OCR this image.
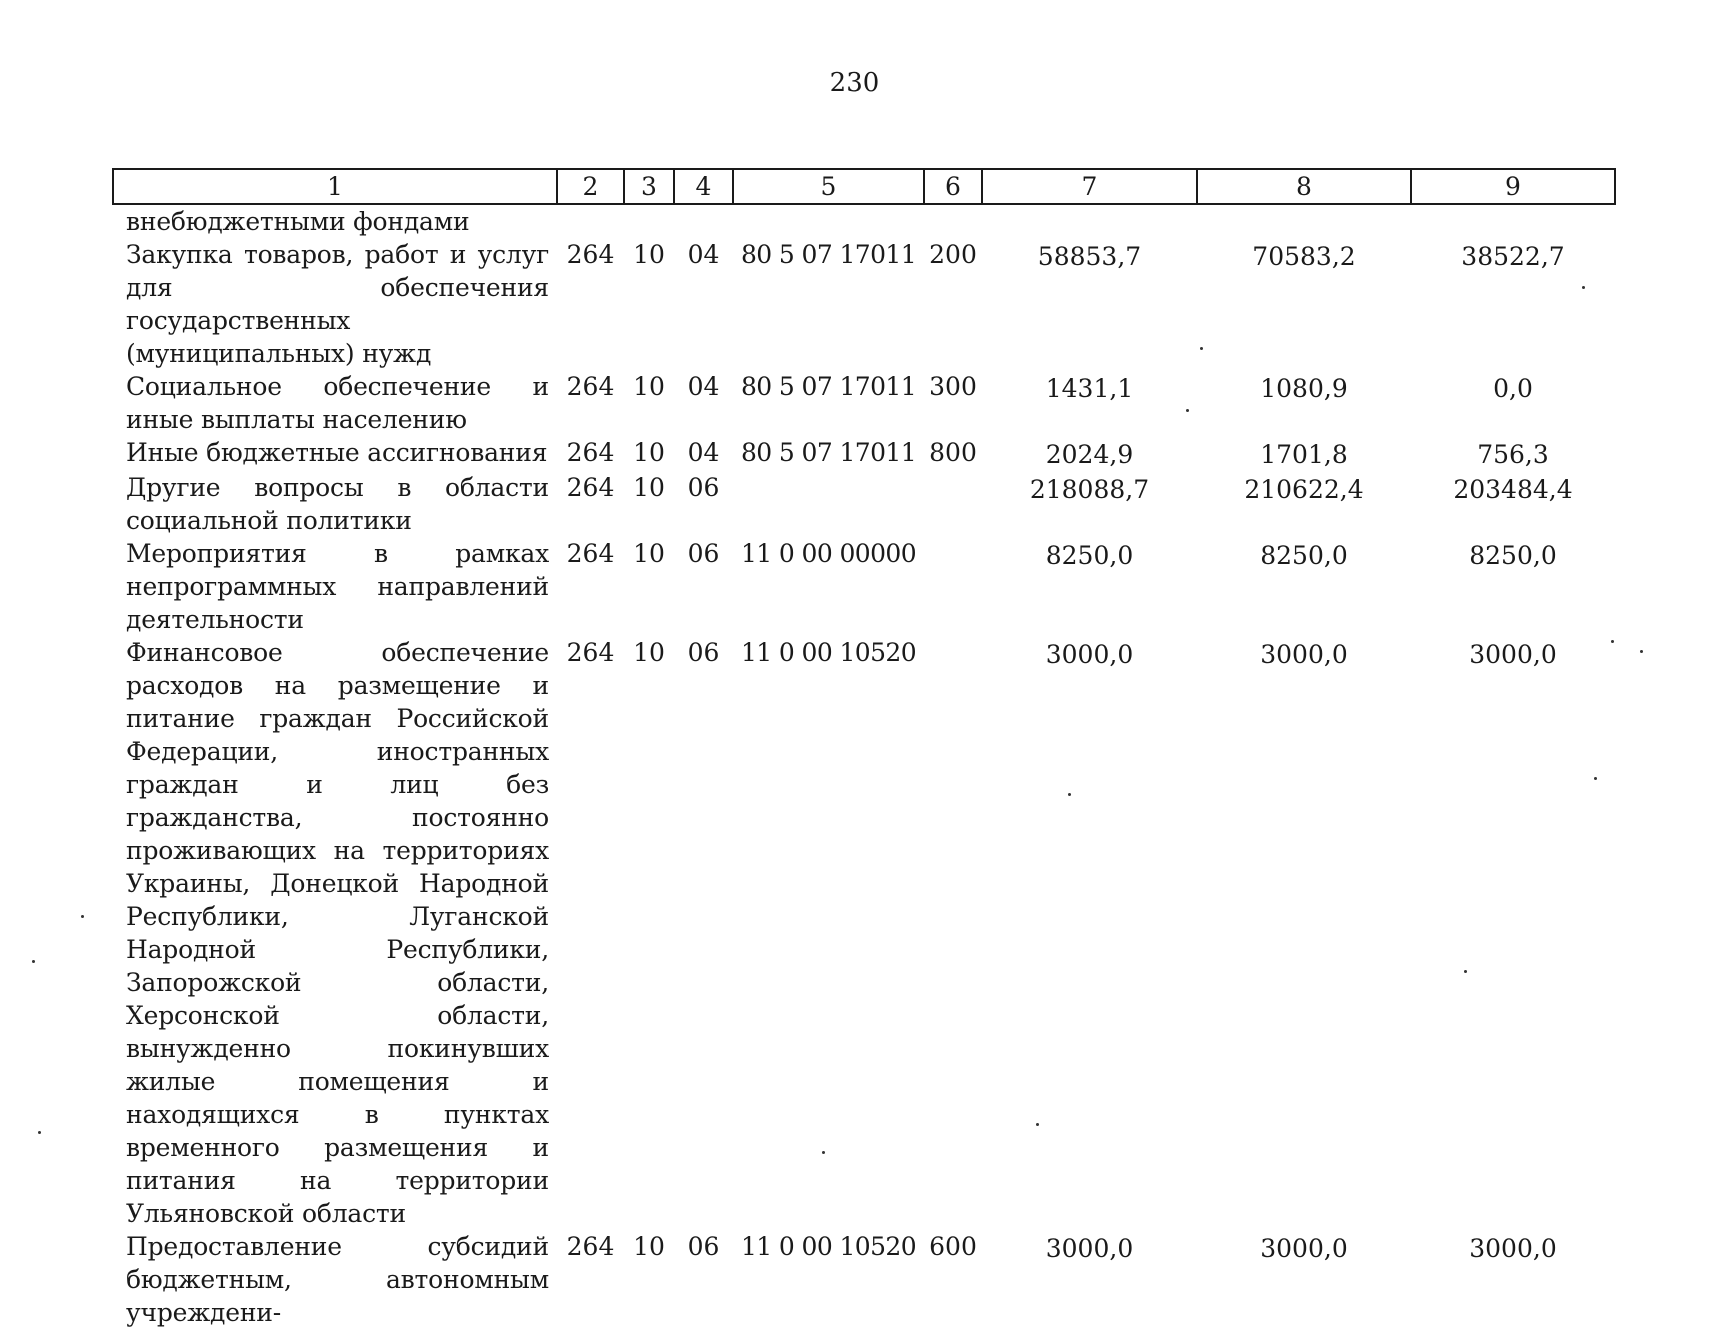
230
1	2	3	4	5	6	7	8	9
внебюджетными фондами								
Закупка товаров, работ и услуг для обеспечения государственных (муниципальных) нужд	264	10	04	80 5 07 17011	200	58853,7	70583,2	38522,7
Социальное обеспечение и иные выплаты населению	264	10	04	80 5 07 17011	300	1431,1	1080,9	0,0
Иные бюджетные ассигнования	264	10	04	80 5 07 17011	800	2024,9	1701,8	756,3
Другие вопросы в области социальной политики	264	10	06			218088,7	210622,4	203484,4
Мероприятия в рамках непрограммных направлений деятельности	264	10	06	11 0 00 00000		8250,0	8250,0	8250,0
Финансовое обеспечение расходов на размещение и питание граждан Российской Федерации, иностранных граждан и лиц без гражданства, постоянно проживающих на территориях Украины, Донецкой Народной Республики, Луганской Народной Республики, Запорожской области, Херсонской области, вынужденно покинувших жилые помещения и находящихся в пунктах временного размещения и питания на территории Ульяновской области	264	10	06	11 0 00 10520		3000,0	3000,0	3000,0
Предоставление субсидий бюджетным, автономным учреждени-	264	10	06	11 0 00 10520	600	3000,0	3000,0	3000,0
